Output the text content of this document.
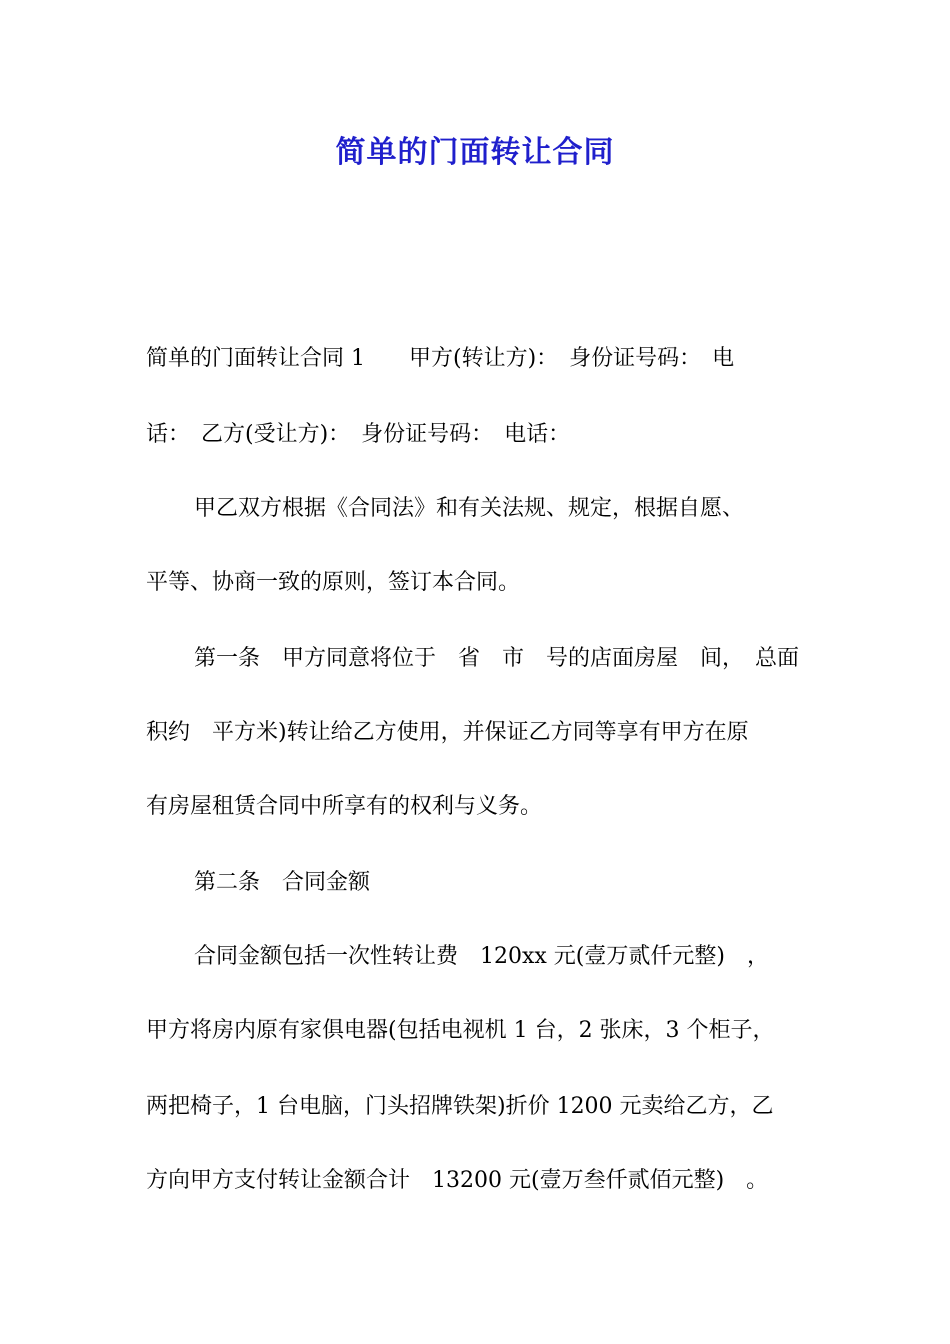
简单的门面转让合同
简单的门面转让合同 1　　甲方(转让方)：　身份证号码：　电
话：　乙方(受让方)：　身份证号码：　电话：
甲乙双方根据《合同法》和有关法规、规定，根据自愿、
平等、协商一致的原则，签订本合同。
第一条　甲方同意将位于　省　市　号的店面房屋　间，　总面
积约　平方米)转让给乙方使用，并保证乙方同等享有甲方在原
有房屋租赁合同中所享有的权利与义务。
第二条　合同金额
合同金额包括一次性转让费　120xx 元(壹万贰仟元整)　，
甲方将房内原有家俱电器(包括电视机 1 台，2 张床，3 个柜子，
两把椅子，1 台电脑，门头招牌铁架)折价 1200 元卖给乙方，乙
方向甲方支付转让金额合计　13200 元(壹万叁仟贰佰元整)　。
